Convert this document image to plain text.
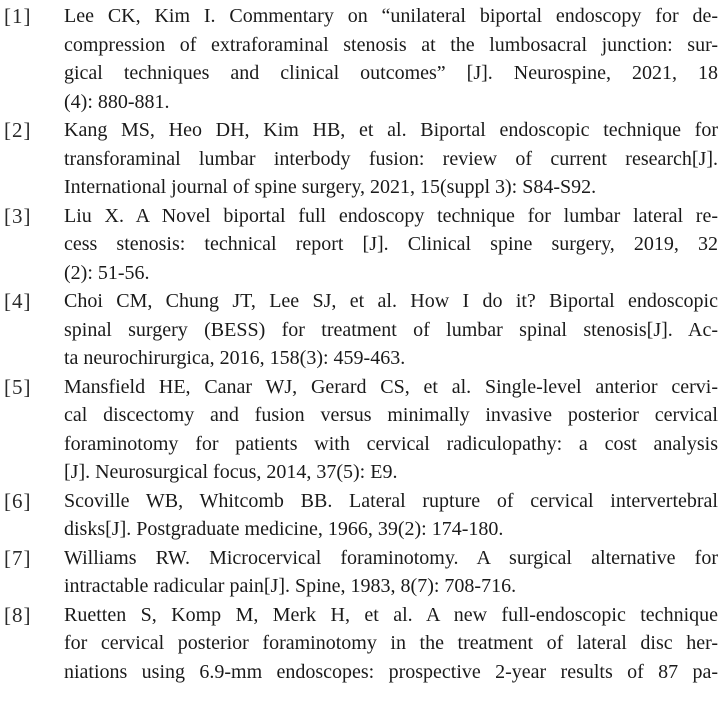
[1]	Lee CK, Kim I. Commentary on “unilateral biportal endoscopy for de-
compression of extraforaminal stenosis at the lumbosacral junction: sur-
gical techniques and clinical outcomes” [J]. Neurospine, 2021, 18
(4): 880-881.
[2]	Kang MS, Heo DH, Kim HB, et al. Biportal endoscopic technique for
transforaminal lumbar interbody fusion: review of current research[J].
International journal of spine surgery, 2021, 15(suppl 3): S84-S92.
[3]	Liu X. A Novel biportal full endoscopy technique for lumbar lateral re-
cess stenosis: technical report [J]. Clinical spine surgery, 2019, 32
(2): 51-56.
[4]	Choi CM, Chung JT, Lee SJ, et al. How I do it? Biportal endoscopic
spinal surgery (BESS) for treatment of lumbar spinal stenosis[J]. Ac-
ta neurochirurgica, 2016, 158(3): 459-463.
[5]	Mansfield HE, Canar WJ, Gerard CS, et al. Single-level anterior cervi-
cal discectomy and fusion versus minimally invasive posterior cervical
foraminotomy for patients with cervical radiculopathy: a cost analysis
[J]. Neurosurgical focus, 2014, 37(5): E9.
[6]	Scoville WB, Whitcomb BB. Lateral rupture of cervical intervertebral
disks[J]. Postgraduate medicine, 1966, 39(2): 174-180.
[7]	Williams RW. Microcervical foraminotomy. A surgical alternative for
intractable radicular pain[J]. Spine, 1983, 8(7): 708-716.
[8]	Ruetten S, Komp M, Merk H, et al. A new full-endoscopic technique
for cervical posterior foraminotomy in the treatment of lateral disc her-
niations using 6.9-mm endoscopes: prospective 2-year results of 87 pa-
